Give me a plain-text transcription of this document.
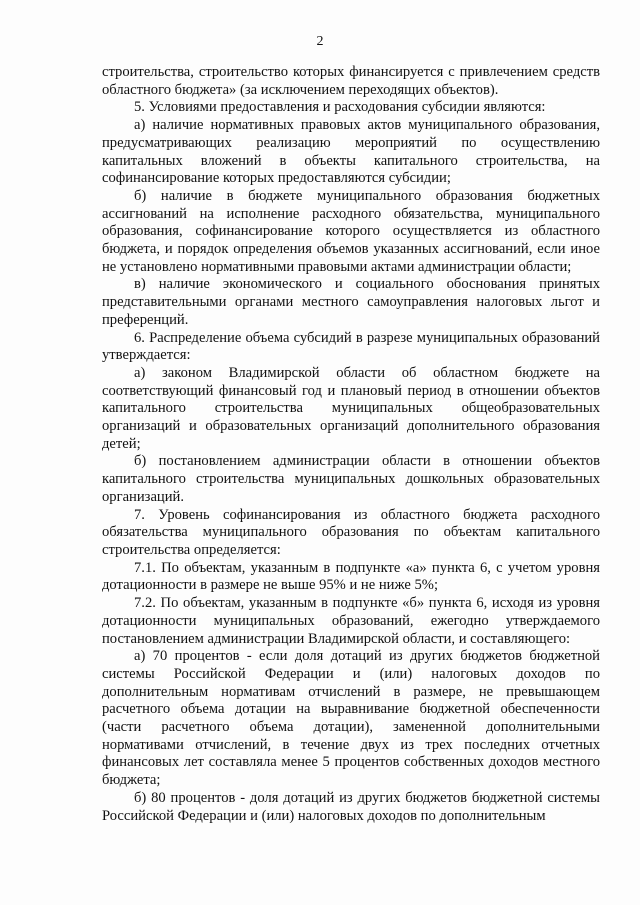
2

строительства, строительство которых финансируется с привлечением средств областного бюджета» (за исключением переходящих объектов).

5. Условиями предоставления и расходования субсидии являются:

а) наличие нормативных правовых актов муниципального образования, предусматривающих реализацию мероприятий по осуществлению капитальных вложений в объекты капитального строительства, на софинансирование которых предоставляются субсидии;

б) наличие в бюджете муниципального образования бюджетных ассигнований на исполнение расходного обязательства, муниципального образования, софинансирование которого осуществляется из областного бюджета, и порядок определения объемов указанных ассигнований, если иное не установлено нормативными правовыми актами администрации области;

в) наличие экономического и социального обоснования принятых представительными органами местного самоуправления налоговых льгот и преференций.

6. Распределение объема субсидий в разрезе муниципальных образований утверждается:

а) законом Владимирской области об областном бюджете на соответствующий финансовый год и плановый период в отношении объектов капитального строительства муниципальных общеобразовательных организаций и образовательных организаций дополнительного образования детей;

б) постановлением администрации области в отношении объектов капитального строительства муниципальных дошкольных образовательных организаций.

7. Уровень софинансирования из областного бюджета расходного обязательства муниципального образования по объектам капитального строительства определяется:

7.1. По объектам, указанным в подпункте «а» пункта 6, с учетом уровня дотационности в размере не выше 95% и не ниже 5%;

7.2. По объектам, указанным в подпункте «б» пункта 6, исходя из уровня дотационности муниципальных образований, ежегодно утверждаемого постановлением администрации Владимирской области, и составляющего:

а) 70 процентов - если доля дотаций из других бюджетов бюджетной системы Российской Федерации и (или) налоговых доходов по дополнительным нормативам отчислений в размере, не превышающем расчетного объема дотации на выравнивание бюджетной обеспеченности (части расчетного объема дотации), замененной дополнительными нормативами отчислений, в течение двух из трех последних отчетных финансовых лет составляла менее 5 процентов собственных доходов местного бюджета;

б) 80 процентов - доля дотаций из других бюджетов бюджетной системы Российской Федерации и (или) налоговых доходов по дополнительным
